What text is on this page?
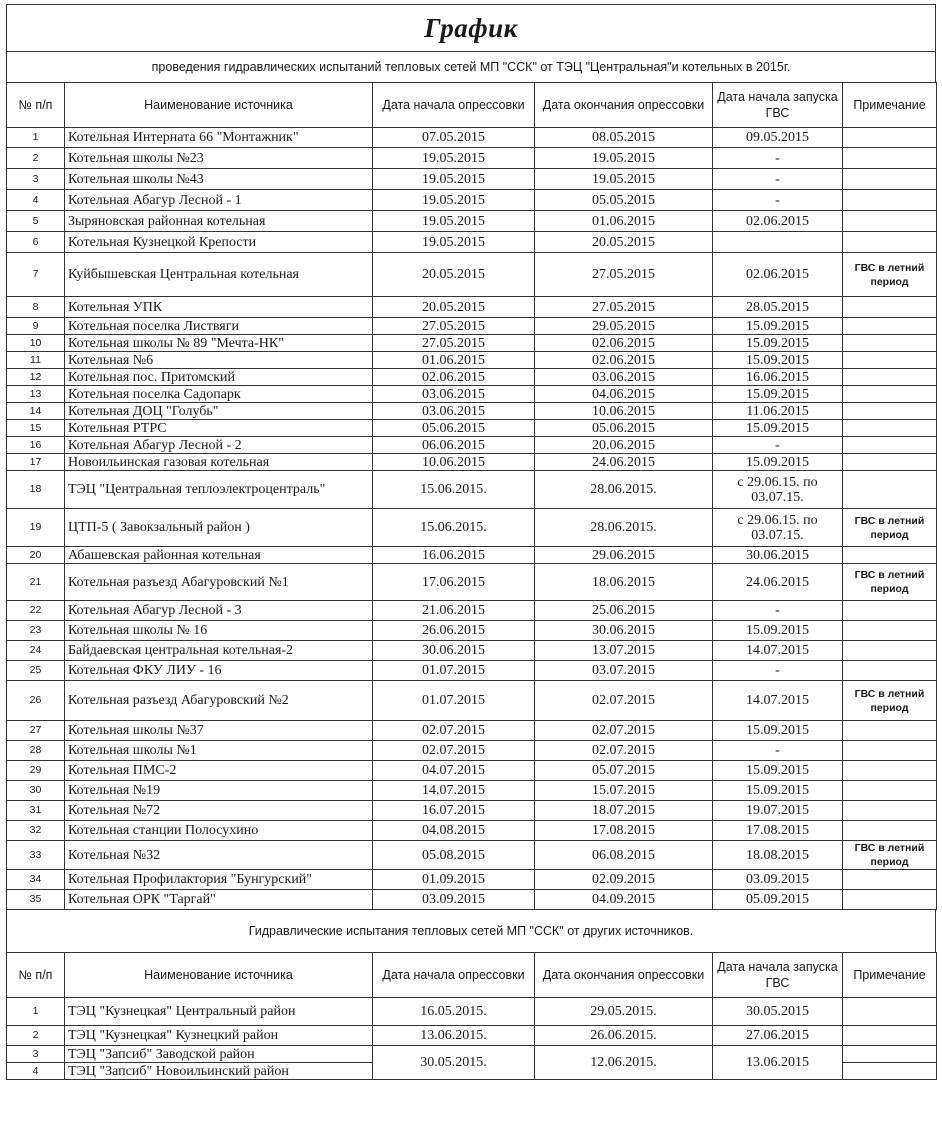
График
проведения гидравлических испытаний тепловых сетей МП "ССК" от ТЭЦ "Центральная"и котельных в 2015г.
№ п/п	Наименование источника	Дата начала опрессовки	Дата окончания опрессовки	Дата начала запуска ГВС	Примечание
1	Котельная Интерната 66 "Монтажник"	07.05.2015	08.05.2015	09.05.2015	
2	Котельная школы №23	19.05.2015	19.05.2015	-	
3	Котельная школы №43	19.05.2015	19.05.2015	-	
4	Котельная Абагур Лесной - 1	19.05.2015	05.05.2015	-	
5	Зыряновская районная котельная	19.05.2015	01.06.2015	02.06.2015	
6	Котельная Кузнецкой Крепости	19.05.2015	20.05.2015		
7	Куйбышевская Центральная котельная	20.05.2015	27.05.2015	02.06.2015	ГВС в летний период
8	Котельная УПК	20.05.2015	27.05.2015	28.05.2015	
9	Котельная поселка Листвяги	27.05.2015	29.05.2015	15.09.2015	
10	Котельная школы № 89 "Мечта-НК"	27.05.2015	02.06.2015	15.09.2015	
11	Котельная №6	01.06.2015	02.06.2015	15.09.2015	
12	Котельная пос. Притомский	02.06.2015	03.06.2015	16.06.2015	
13	Котельная поселка Садопарк	03.06.2015	04.06.2015	15.09.2015	
14	Котельная ДОЦ "Голубь"	03.06.2015	10.06.2015	11.06.2015	
15	Котельная РТРС	05.06.2015	05.06.2015	15.09.2015	
16	Котельная Абагур Лесной - 2	06.06.2015	20.06.2015	-	
17	Новоильинская газовая котельная	10.06.2015	24.06.2015	15.09.2015	
18	ТЭЦ "Центральная теплоэлектроцентраль"	15.06.2015.	28.06.2015.	с 29.06.15. по 03.07.15.	
19	ЦТП-5 ( Завокзальный район )	15.06.2015.	28.06.2015.	с 29.06.15. по 03.07.15.	ГВС в летний период
20	Абашевская районная котельная	16.06.2015	29.06.2015	30.06.2015	
21	Котельная разъезд Абагуровский №1	17.06.2015	18.06.2015	24.06.2015	ГВС в летний период
22	Котельная Абагур Лесной - 3	21.06.2015	25.06.2015	-	
23	Котельная школы № 16	26.06.2015	30.06.2015	15.09.2015	
24	Байдаевская центральная котельная-2	30.06.2015	13.07.2015	14.07.2015	
25	Котельная ФКУ ЛИУ - 16	01.07.2015	03.07.2015	-	
26	Котельная разъезд Абагуровский №2	01.07.2015	02.07.2015	14.07.2015	ГВС в летний период
27	Котельная школы №37	02.07.2015	02.07.2015	15.09.2015	
28	Котельная школы №1	02.07.2015	02.07.2015	-	
29	Котельная ПМС-2	04.07.2015	05.07.2015	15.09.2015	
30	Котельная №19	14.07.2015	15.07.2015	15.09.2015	
31	Котельная №72	16.07.2015	18.07.2015	19.07.2015	
32	Котельная станции Полосухино	04.08.2015	17.08.2015	17.08.2015	
33	Котельная №32	05.08.2015	06.08.2015	18.08.2015	ГВС в летний период
34	Котельная Профилактория "Бунгурский"	01.09.2015	02.09.2015	03.09.2015	
35	Котельная ОРК "Таргай"	03.09.2015	04.09.2015	05.09.2015	
Гидравлические испытания тепловых сетей МП "ССК" от других источников.
№ п/п	Наименование источника	Дата начала опрессовки	Дата окончания опрессовки	Дата начала запуска ГВС	Примечание
1	ТЭЦ "Кузнецкая" Центральный район	16.05.2015.	29.05.2015.	30.05.2015	
2	ТЭЦ "Кузнецкая" Кузнецкий район	13.06.2015.	26.06.2015.	27.06.2015	
3	ТЭЦ "Запсиб" Заводской район	30.05.2015.	12.06.2015.	13.06.2015	
4	ТЭЦ "Запсиб" Новоильинский район				
